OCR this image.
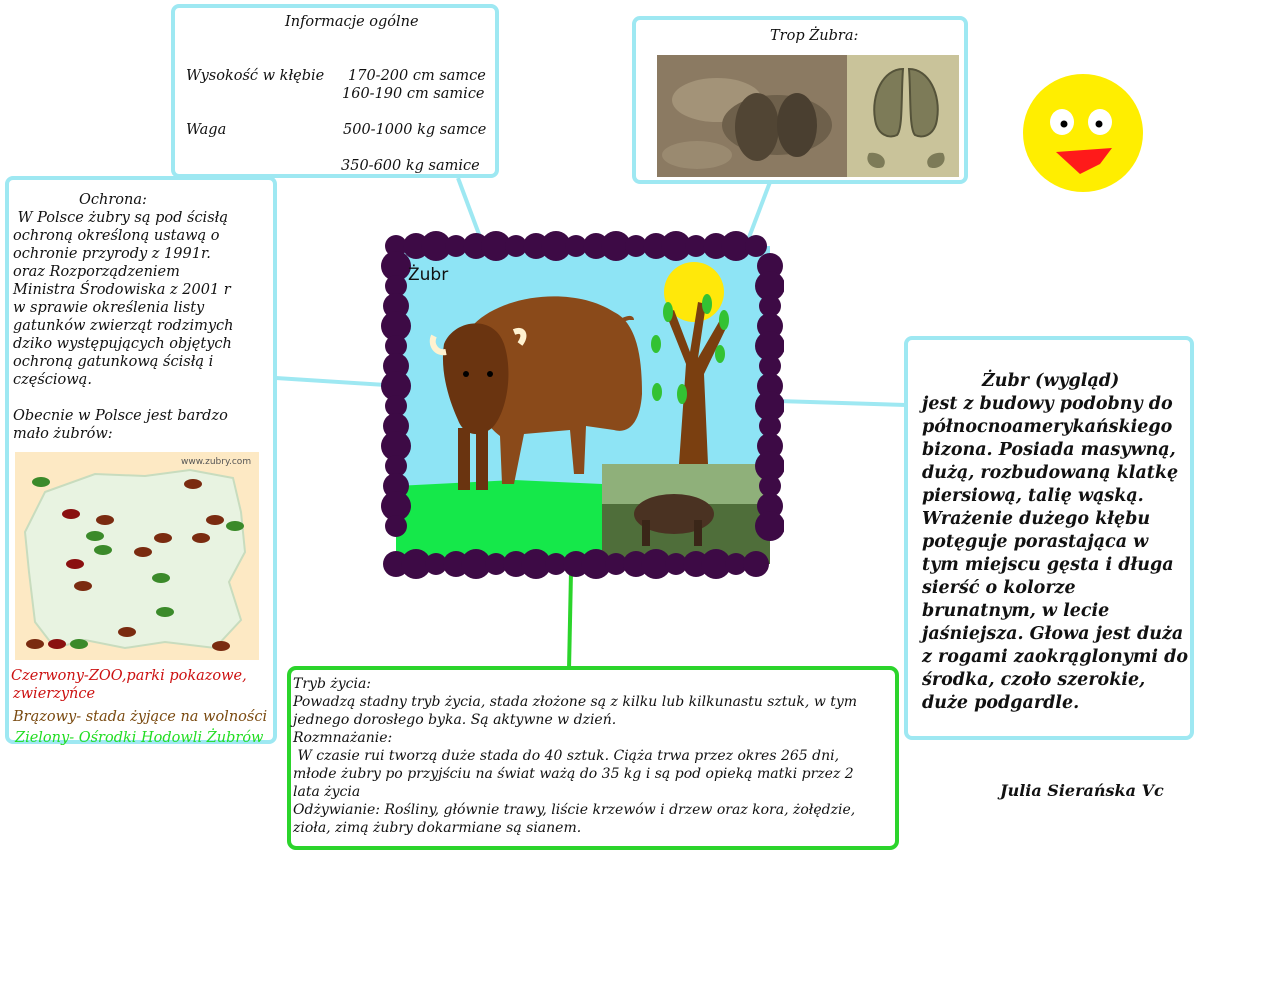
Informacje ogólne
Wysokość w kłębie 170-200 cm samce
160-190 cm samice
Waga	500-1000 kg samce
350-600 kg samice
Trop Żubra:
Ochrona:
W Polsce żubry są pod ścisłą
ochroną określoną ustawą o
ochronie przyrody z 1991r.
oraz Rozporządzeniem
Ministra Środowiska z 2001 r
w sprawie określenia listy
gatunków zwierząt rodzimych
dziko występujących objętych
ochroną gatunkową ścisłą i
częściową.
Obecnie w Polsce jest bardzo
mało żubrów:
www.zubry.com
Czerwony-ZOO,parki pokazowe,
zwierzyńce
Brązowy- stada żyjące na wolności
Zielony- Ośrodki Hodowli Żubrów
Żubr
Żubr (wygląd)
jest z budowy podobny do
północnoamerykańskiego
bizona. Posiada masywną,
dużą, rozbudowaną klatkę
piersiową, talię wąską.
Wrażenie dużego kłębu
potęguje porastająca w
tym miejscu gęsta i długa
sierść o kolorze
brunatnym, w lecie
jaśniejsza. Głowa jest duża
z rogami zaokrąglonymi do
środka, czoło szerokie,
duże podgardle.
Tryb życia:
Powadzą stadny tryb życia, stada złożone są z kilku lub kilkunastu sztuk, w tym
jednego dorosłego byka. Są aktywne w dzień.
Rozmnażanie:
W czasie rui tworzą duże stada do 40 sztuk. Ciąża trwa przez okres 265 dni,
młode żubry po przyjściu na świat ważą do 35 kg i są pod opieką matki przez 2
lata życia
Odżywianie: Rośliny, głównie trawy, liście krzewów i drzew oraz kora, żołędzie,
zioła, zimą żubry dokarmiane są sianem.
Julia Sierańska Vc
